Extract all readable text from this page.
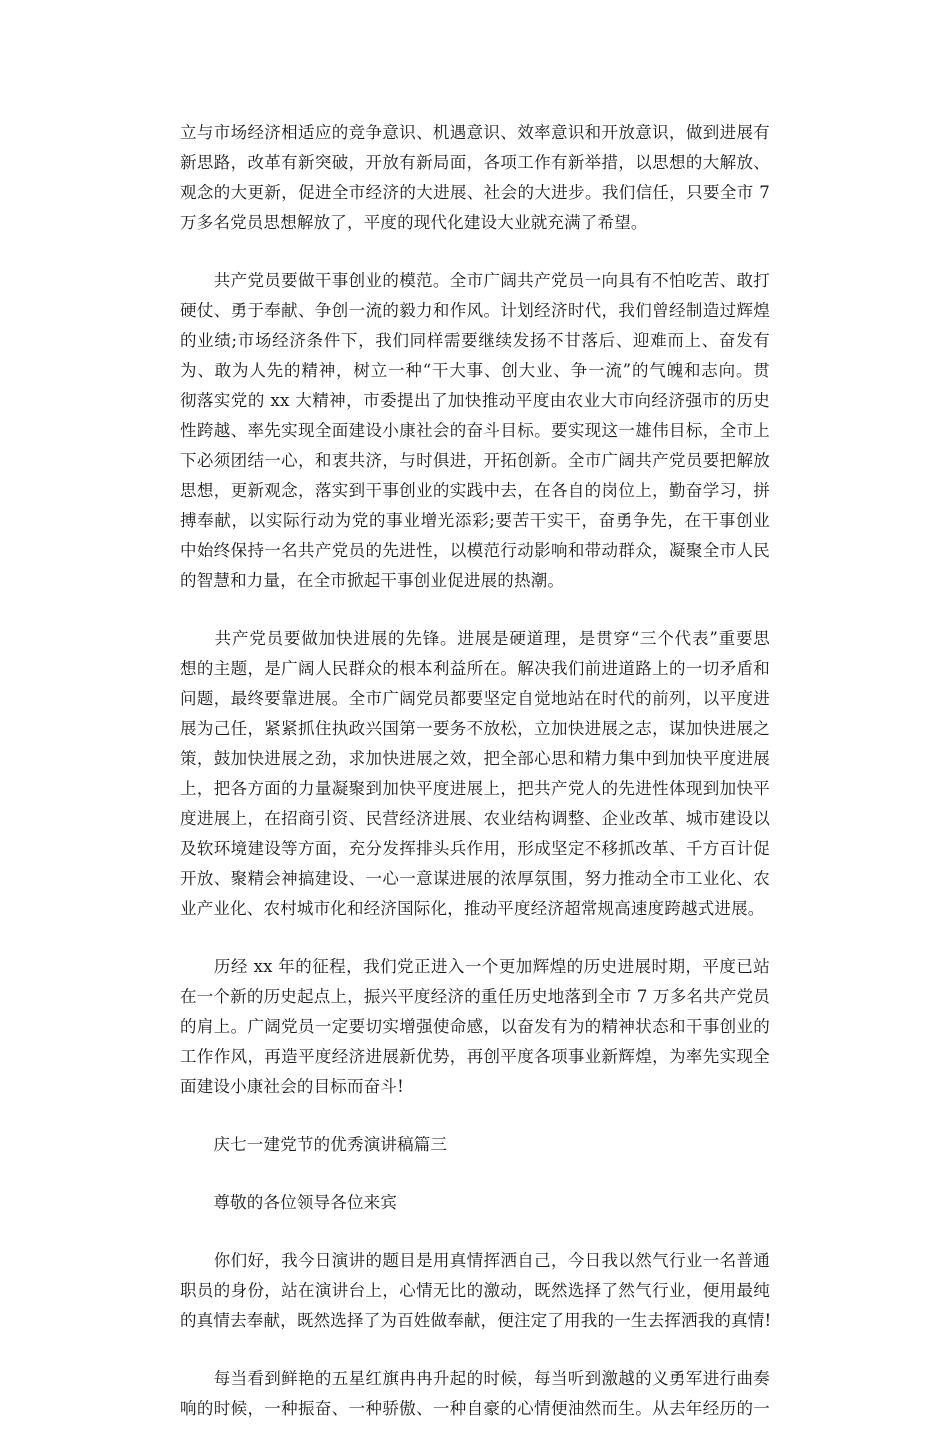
立与市场经济相适应的竞争意识、机遇意识、效率意识和开放意识，做到进展有
新思路，改革有新突破，开放有新局面，各项工作有新举措，以思想的大解放、
观念的大更新，促进全市经济的大进展、社会的大进步。我们信任，只要全市 7
万多名党员思想解放了，平度的现代化建设大业就充满了希望。
　　共产党员要做干事创业的模范。全市广阔共产党员一向具有不怕吃苦、敢打
硬仗、勇于奉献、争创一流的毅力和作风。计划经济时代，我们曾经制造过辉煌
的业绩;市场经济条件下，我们同样需要继续发扬不甘落后、迎难而上、奋发有
为、敢为人先的精神，树立一种“干大事、创大业、争一流”的气魄和志向。贯
彻落实党的 xx 大精神，市委提出了加快推动平度由农业大市向经济强市的历史
性跨越、率先实现全面建设小康社会的奋斗目标。要实现这一雄伟目标，全市上
下必须团结一心，和衷共济，与时俱进，开拓创新。全市广阔共产党员要把解放
思想，更新观念，落实到干事创业的实践中去，在各自的岗位上，勤奋学习，拼
搏奉献，以实际行动为党的事业增光添彩;要苦干实干，奋勇争先，在干事创业
中始终保持一名共产党员的先进性，以模范行动影响和带动群众，凝聚全市人民
的智慧和力量，在全市掀起干事创业促进展的热潮。
　　共产党员要做加快进展的先锋。进展是硬道理，是贯穿“三个代表”重要思
想的主题，是广阔人民群众的根本利益所在。解决我们前进道路上的一切矛盾和
问题，最终要靠进展。全市广阔党员都要坚定自觉地站在时代的前列，以平度进
展为己任，紧紧抓住执政兴国第一要务不放松，立加快进展之志，谋加快进展之
策，鼓加快进展之劲，求加快进展之效，把全部心思和精力集中到加快平度进展
上，把各方面的力量凝聚到加快平度进展上，把共产党人的先进性体现到加快平
度进展上，在招商引资、民营经济进展、农业结构调整、企业改革、城市建设以
及软环境建设等方面，充分发挥排头兵作用，形成坚定不移抓改革、千方百计促
开放、聚精会神搞建设、一心一意谋进展的浓厚氛围，努力推动全市工业化、农
业产业化、农村城市化和经济国际化，推动平度经济超常规高速度跨越式进展。
　　历经 xx 年的征程，我们党正进入一个更加辉煌的历史进展时期，平度已站
在一个新的历史起点上，振兴平度经济的重任历史地落到全市 7 万多名共产党员
的肩上。广阔党员一定要切实增强使命感，以奋发有为的精神状态和干事创业的
工作作风，再造平度经济进展新优势，再创平度各项事业新辉煌，为率先实现全
面建设小康社会的目标而奋斗!
　　庆七一建党节的优秀演讲稿篇三
　　尊敬的各位领导各位来宾
　　你们好，我今日演讲的题目是用真情挥洒自己，今日我以然气行业一名普通
职员的身份，站在演讲台上，心情无比的激动，既然选择了然气行业，便用最纯
的真情去奉献，既然选择了为百姓做奉献，便注定了用我的一生去挥洒我的真情!
　　每当看到鲜艳的五星红旗冉冉升起的时候，每当听到激越的义勇军进行曲奏
响的时候，一种振奋、一种骄傲、一种自豪的心情便油然而生。从去年经历的一
